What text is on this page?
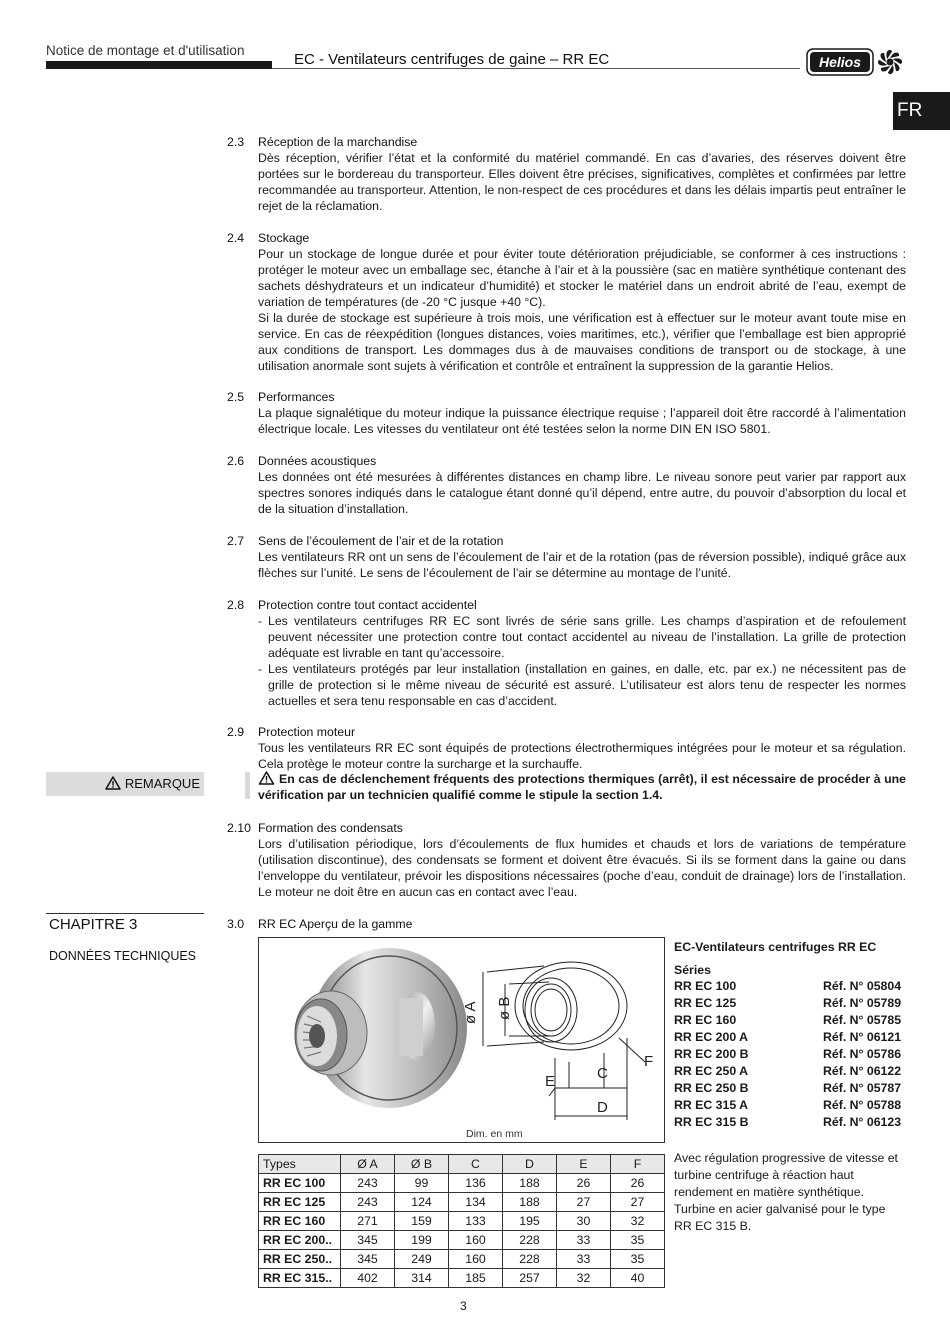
Notice de montage et d'utilisation
EC - Ventilateurs centrifuges de gaine – RR EC	Helios
FR
2.3 Réception de la marchandise
Dès réception, vérifier l’état et la conformité du matériel commandé. En cas d’avaries, des réserves doivent être portées sur le bordereau du transporteur. Elles doivent être précises, significatives, complètes et confirmées par lettre recommandée au transporteur. Attention, le non-respect de ces procédures et dans les délais impartis peut entraîner le rejet de la réclamation.
2.4 Stockage

Pour un stockage de longue durée et pour éviter toute détérioration préjudiciable, se conformer à ces instructions : protéger le moteur avec un emballage sec, étanche à l’air et à la poussière (sac en matière synthétique contenant des sachets déshydrateurs et un indicateur d’humidité) et stocker le matériel dans un endroit abrité de l’eau, exempt de variation de températures (de -20 °C jusque +40 °C).

Si la durée de stockage est supérieure à trois mois, une vérification est à effectuer sur le moteur avant toute mise en service. En cas de réexpédition (longues distances, voies maritimes, etc.), vérifier que l’emballage est bien approprié aux conditions de transport. Les dommages dus à de mauvaises conditions de transport ou de stockage, à une utilisation anormale sont sujets à vérification et contrôle et entraînent la suppression de la garantie Helios.

2.5 Performances
La plaque signalétique du moteur indique la puissance électrique requise ; l’appareil doit être raccordé à l’alimentation électrique locale. Les vitesses du ventilateur ont été testées selon la norme DIN EN ISO 5801.
2.6 Données acoustiques
Les données ont été mesurées à différentes distances en champ libre. Le niveau sonore peut varier par rapport aux spectres sonores indiqués dans le catalogue étant donné qu’il dépend, entre autre, du pouvoir d’absorption du local et de la situation d’installation.
2.7 Sens de l’écoulement de l’air et de la rotation
Les ventilateurs RR ont un sens de l’écoulement de l’air et de la rotation (pas de réversion possible), indiqué grâce aux flèches sur l’unité. Le sens de l’écoulement de l’air se détermine au montage de l’unité.
2.8 Protection contre tout contact accidentel
- Les ventilateurs centrifuges RR EC sont livrés de série sans grille. Les champs d’aspiration et de refoulement peuvent nécessiter une protection contre tout contact accidentel au niveau de l’installation. La grille de protection adéquate est livrable en tant qu’accessoire.
- Les ventilateurs protégés par leur installation (installation en gaines, en dalle, etc. par ex.) ne nécessitent pas de grille de protection si le même niveau de sécurité est assuré. L’utilisateur est alors tenu de respecter les normes actuelles et sera tenu responsable en cas d’accident.
2.9 Protection moteur
Tous les ventilateurs RR EC sont équipés de protections électrothermiques intégrées pour le moteur et sa régulation. Cela protège le moteur contre la surcharge et la surchauffe.
REMARQUE	En cas de déclenchement fréquents des protections thermiques (arrêt), il est nécessaire de procéder à une vérification par un technicien qualifié comme le stipule la section 1.4.
2.10 Formation des condensats
Lors d’utilisation périodique, lors d’écoulements de flux humides et chauds et lors de variations de température (utilisation discontinue), des condensats se forment et doivent être évacués. Si ils se forment dans la gaine ou dans l’enveloppe du ventilateur, prévoir les dispositions nécessaires (poche d’eau, conduit de drainage) lors de l’installation. Le moteur ne doit être en aucun cas en contact avec l’eau.
CHAPITRE 3
DONNÉES TECHNIQUES
3.0 RR EC Aperçu de la gamme
ø A ø B
C
D
E
F
Dim. en mm
Types	Ø A	Ø B	C	D	E	F
RR EC 100	243	99	136	188	26	26
RR EC 125	243	124	134	188	27	27
RR EC 160	271	159	133	195	30	32
RR EC 200..	345	199	160	228	33	35
RR EC 250..	345	249	160	228	33	35
RR EC 315..	402	314	185	257	32	40
EC-Ventilateurs centrifuges RR EC
Séries
RR EC 100	Réf. N° 05804
RR EC 125	Réf. N° 05789
RR EC 160	Réf. N° 05785
RR EC 200 A	Réf. N° 06121
RR EC 200 B	Réf. N° 05786
RR EC 250 A	Réf. N° 06122
RR EC 250 B	Réf. N° 05787
RR EC 315 A	Réf. N° 05788
RR EC 315 B	Réf. N° 06123
Avec régulation progressive de vitesse et turbine centrifuge à réaction haut rendement en matière synthétique. Turbine en acier galvanisé pour le type RR EC 315 B.
3
